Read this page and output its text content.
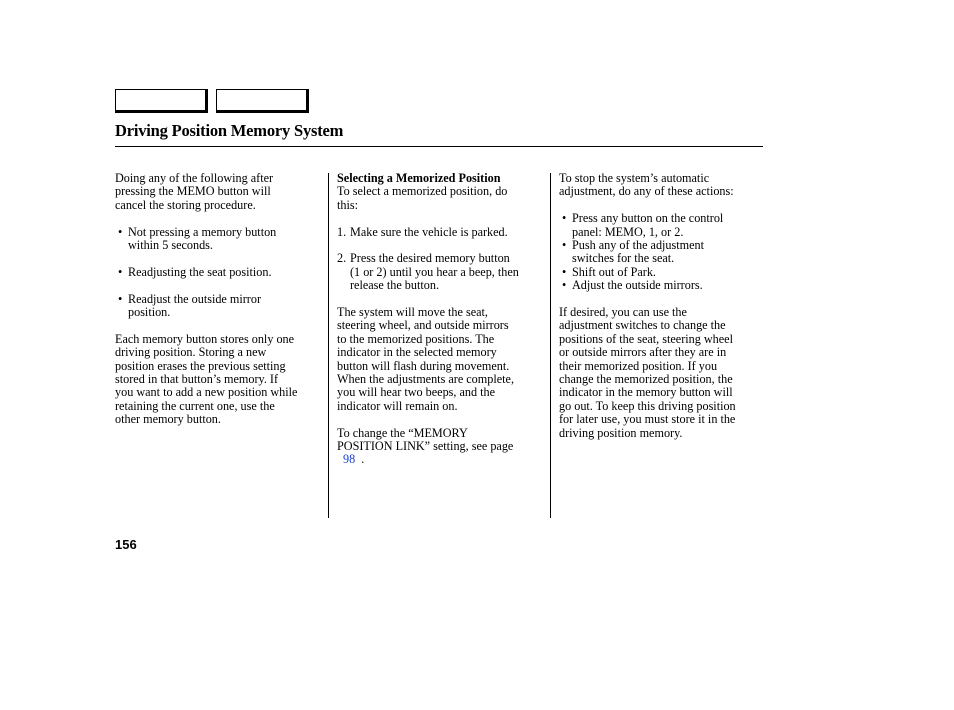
Driving Position Memory System

Doing any of the following after
pressing the MEMO button will
cancel the storing procedure.

• Not pressing a memory button
within 5 seconds.

• Readjusting the seat position.

• Readjust the outside mirror
position.

Each memory button stores only one
driving position. Storing a new
position erases the previous setting
stored in that button’s memory. If
you want to add a new position while
retaining the current one, use the
other memory button.

Selecting a Memorized Position

To select a memorized position, do
this:

1. Make sure the vehicle is parked.

2. Press the desired memory button
(1 or 2) until you hear a beep, then
release the button.

The system will move the seat,
steering wheel, and outside mirrors
to the memorized positions. The
indicator in the selected memory
button will flash during movement.
When the adjustments are complete,
you will hear two beeps, and the
indicator will remain on.

To change the “MEMORY
POSITION LINK” setting, see page
98 .

To stop the system’s automatic
adjustment, do any of these actions:

• Press any button on the control
panel: MEMO, 1, or 2.

• Push any of the adjustment
switches for the seat.

• Shift out of Park.

• Adjust the outside mirrors.

If desired, you can use the
adjustment switches to change the
positions of the seat, steering wheel
or outside mirrors after they are in
their memorized position. If you
change the memorized position, the
indicator in the memory button will
go out. To keep this driving position
for later use, you must store it in the
driving position memory.

156
